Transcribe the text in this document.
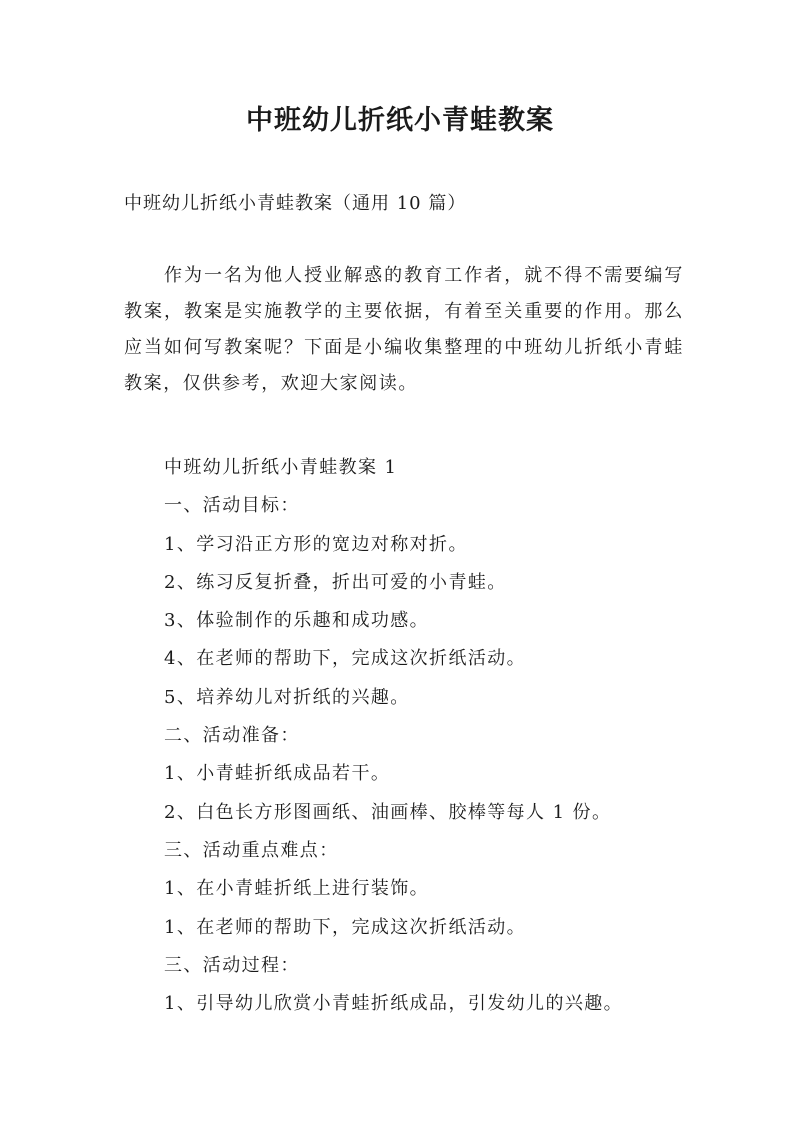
中班幼儿折纸小青蛙教案

中班幼儿折纸小青蛙教案（通用 10 篇）

作为一名为他人授业解惑的教育工作者，就不得不需要编写教案，教案是实施教学的主要依据，有着至关重要的作用。那么应当如何写教案呢？下面是小编收集整理的中班幼儿折纸小青蛙教案，仅供参考，欢迎大家阅读。

中班幼儿折纸小青蛙教案 1
一、活动目标：
1、学习沿正方形的宽边对称对折。
2、练习反复折叠，折出可爱的小青蛙。
3、体验制作的乐趣和成功感。
4、在老师的帮助下，完成这次折纸活动。
5、培养幼儿对折纸的兴趣。
二、活动准备：
1、小青蛙折纸成品若干。
2、白色长方形图画纸、油画棒、胶棒等每人 1 份。
三、活动重点难点：
1、在小青蛙折纸上进行装饰。
1、在老师的帮助下，完成这次折纸活动。
三、活动过程：
1、引导幼儿欣赏小青蛙折纸成品，引发幼儿的兴趣。
